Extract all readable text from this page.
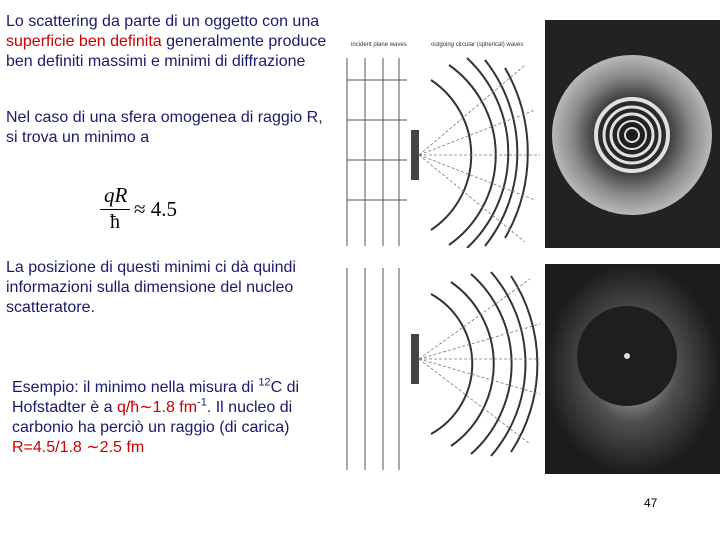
Lo scattering da parte di un oggetto con una superficie ben definita generalmente produce ben definiti massimi e minimi di diffrazione
Nel caso di una sfera omogenea di raggio R, si trova un minimo a
qR
ħ
≈ 4.5
La posizione di questi minimi ci dà quindi informazioni sulla dimensione del nucleo scatteratore.
Esempio: il minimo nella misura di $^{12}$C di Hofstadter è a q/ħ∼1.8 $fm^{-1}$. Il nucleo di carbonio ha perciò un raggio (di carica) R=4.5/1.8 ∼2.5 fm
incident plane waves	outgoing circular (spherical) waves
47
